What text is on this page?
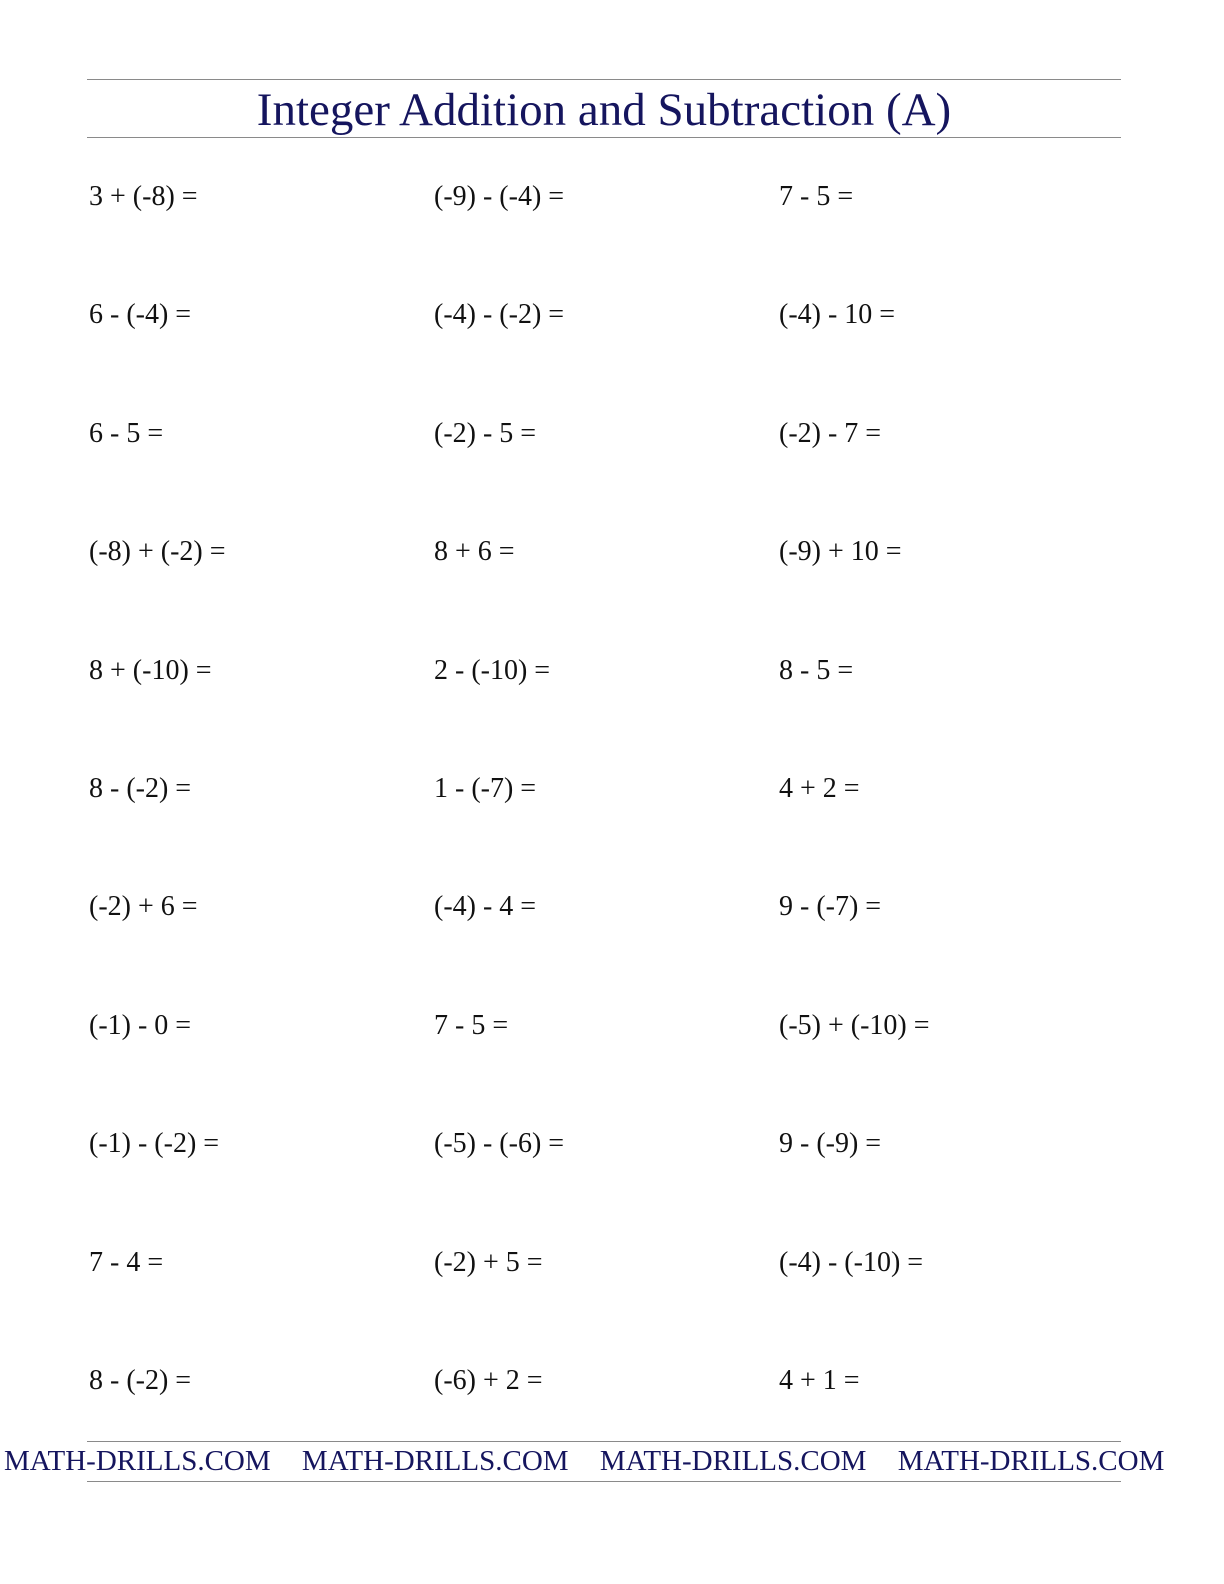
Integer Addition and Subtraction (A)
3 + (-8) =	(-9) - (-4) =	7 - 5 =
6 - (-4) =	(-4) - (-2) =	(-4) - 10 =
6 - 5 =	(-2) - 5 =	(-2) - 7 =
(-8) + (-2) =	8 + 6 =	(-9) + 10 =
8 + (-10) =	2 - (-10) =	8 - 5 =
8 - (-2) =	1 - (-7) =	4 + 2 =
(-2) + 6 =	(-4) - 4 =	9 - (-7) =
(-1) - 0 =	7 - 5 =	(-5) + (-10) =
(-1) - (-2) =	(-5) - (-6) =	9 - (-9) =
7 - 4 =	(-2) + 5 =	(-4) - (-10) =
8 - (-2) =	(-6) + 2 =	4 + 1 =
MATH-DRILLS.COM MATH-DRILLS.COM MATH-DRILLS.COM MATH-DRILLS.COM
